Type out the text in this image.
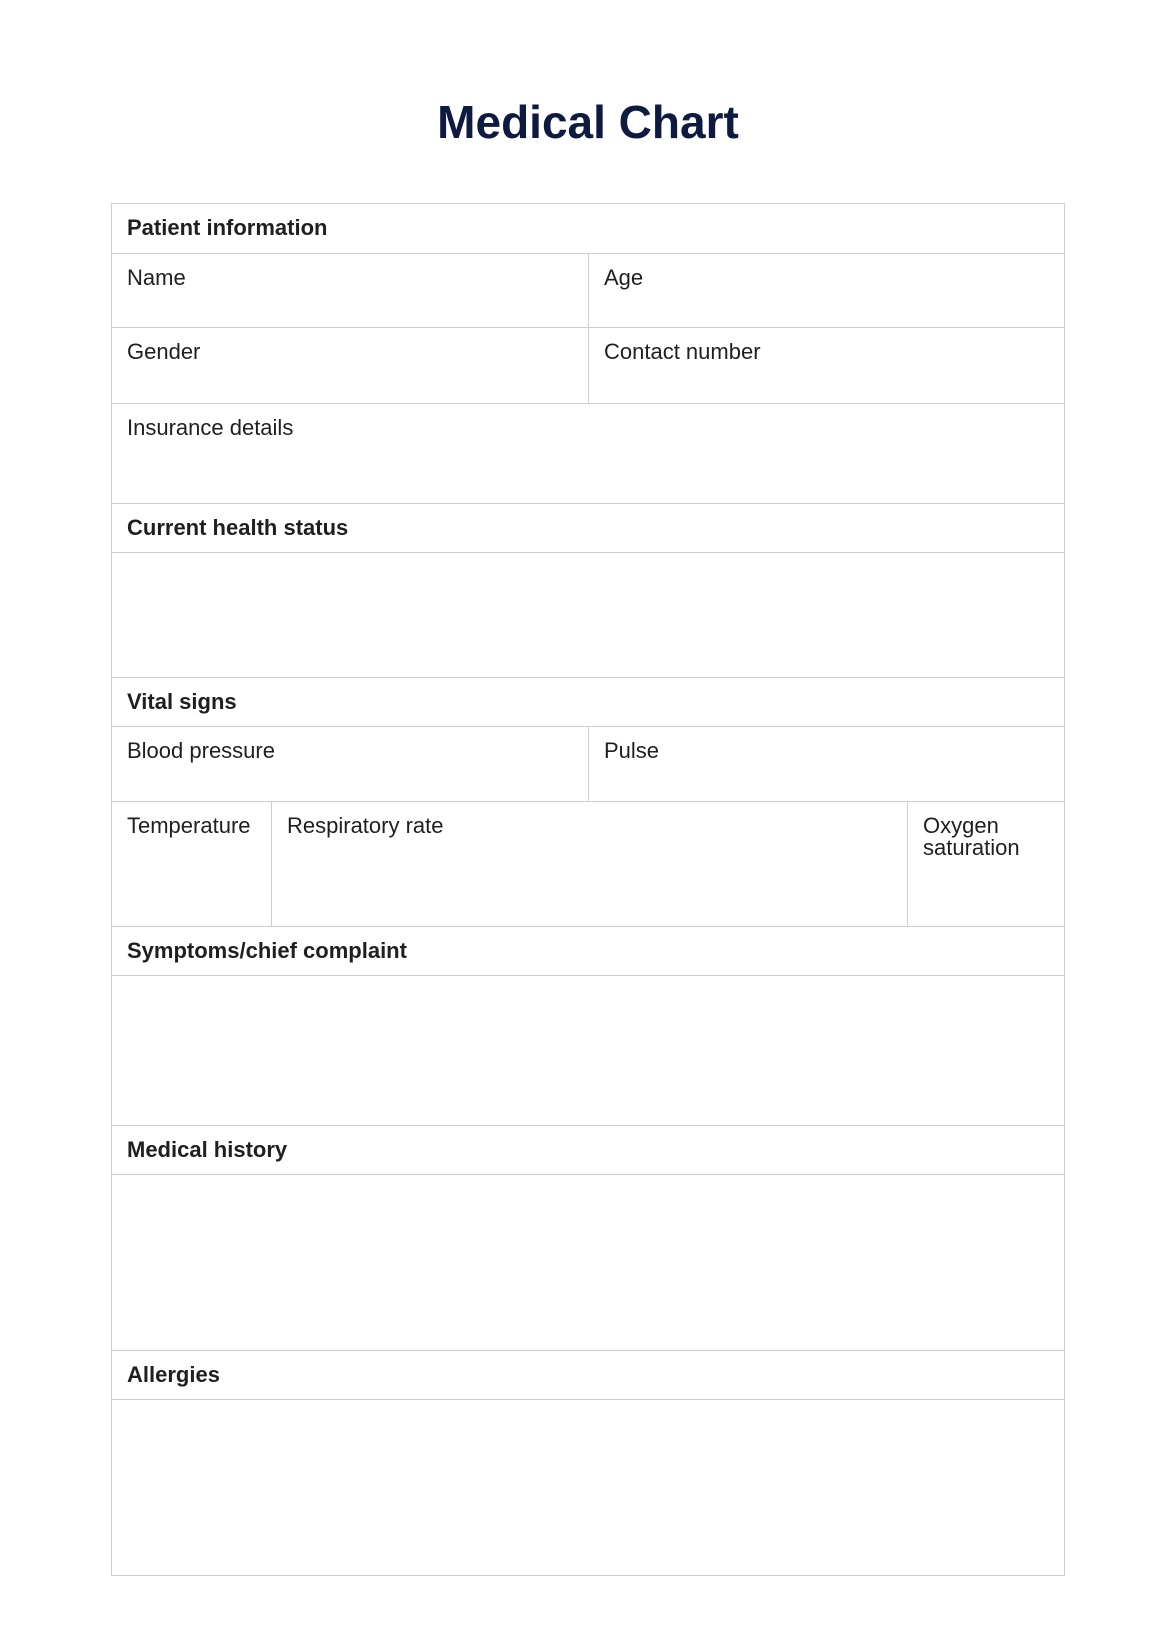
Medical Chart
Patient information
Name	Age
Gender	Contact number
Insurance details
Current health status
Vital signs
Blood pressure	Pulse
Temperature	Respiratory rate	Oxygen saturation
Symptoms/chief complaint
Medical history
Allergies
